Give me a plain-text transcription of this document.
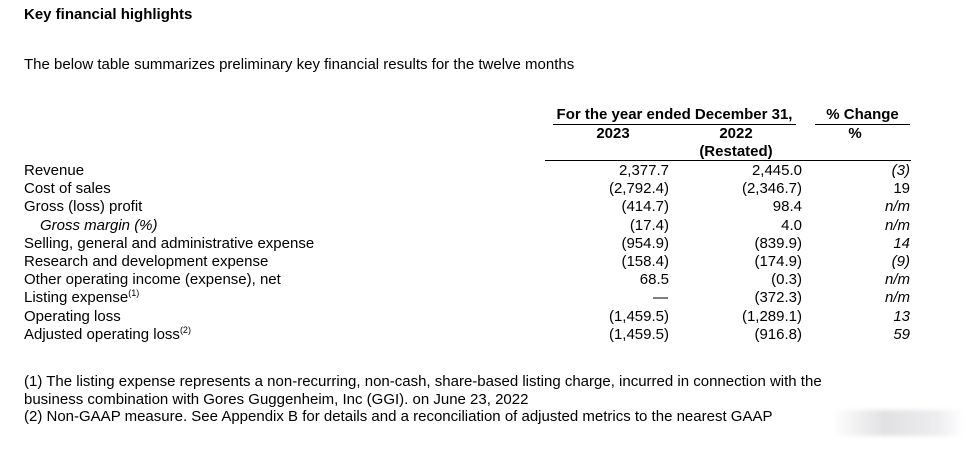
Key financial highlights
The below table summarizes preliminary key financial results for the twelve months
For the year ended December 31,	% Change
2023	2022	%
(Restated)
Revenue	2,377.7	2,445.0	(3)
Cost of sales	(2,792.4)	(2,346.7)	19
Gross (loss) profit	(414.7)	98.4	n/m
Gross margin (%)	(17.4)	4.0	n/m
Selling, general and administrative expense	(954.9)	(839.9)	14
Research and development expense	(158.4)	(174.9)	(9)
Other operating income (expense), net	68.5	(0.3)	n/m
Listing expense$^{(1)}$	—	(372.3)	n/m
Operating loss	(1,459.5)	(1,289.1)	13
Adjusted operating loss$^{(2)}$	(1,459.5)	(916.8)	59
(1) The listing expense represents a non-recurring, non-cash, share-based listing charge, incurred in connection with the
business combination with Gores Guggenheim, Inc (GGI). on June 23, 2022
(2) Non-GAAP measure. See Appendix B for details and a reconciliation of adjusted metrics to the nearest GAAP
